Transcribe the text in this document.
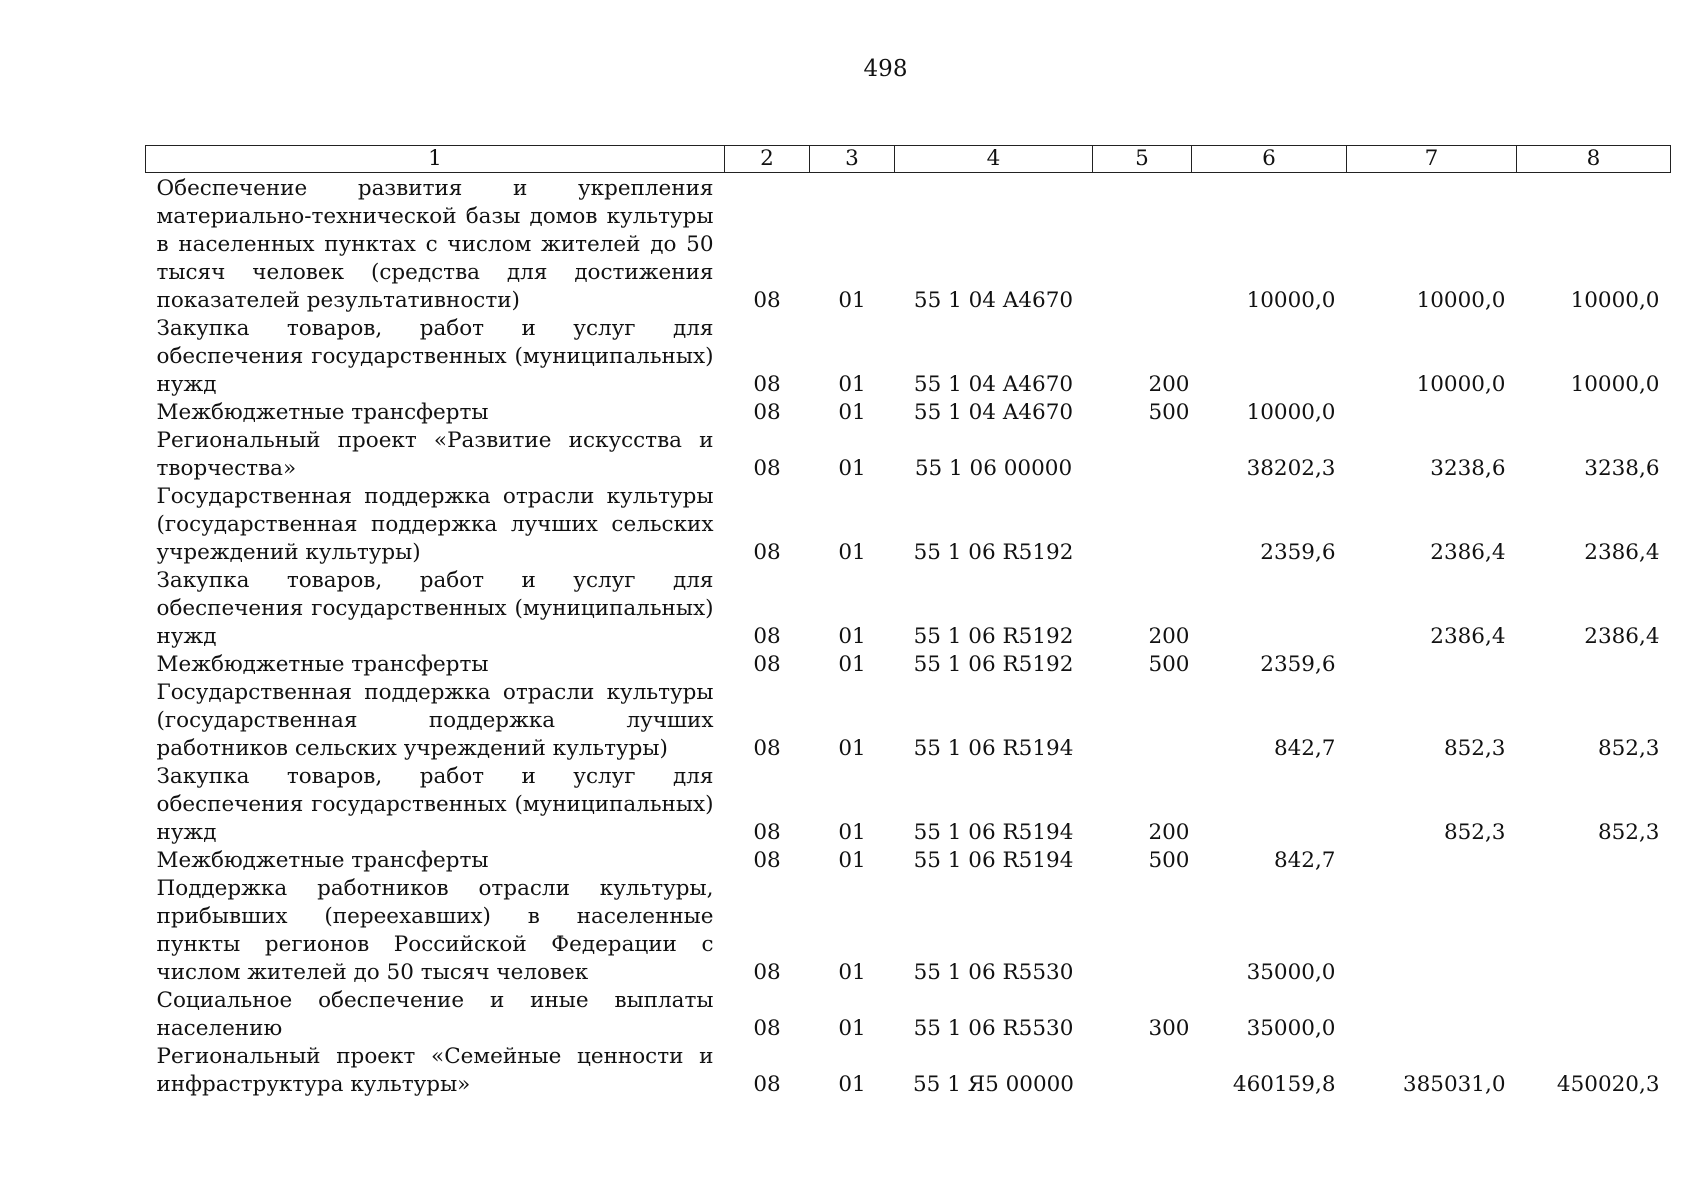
498
1	2	3	4	5	6	7	8
Обеспечение развития и укрепления материально-технической базы домов культуры в населенных пунктах с числом жителей до 50 тысяч человек (средства для достижения показателей результативности)	08	01	55 1 04 A4670		10000,0	10000,0	10000,0
Закупка товаров, работ и услуг для обеспечения государственных (муниципальных) нужд	08	01	55 1 04 A4670	200		10000,0	10000,0
Межбюджетные трансферты	08	01	55 1 04 A4670	500	10000,0		
Региональный проект «Развитие искусства и творчества»	08	01	55 1 06 00000		38202,3	3238,6	3238,6
Государственная поддержка отрасли культуры (государственная поддержка лучших сельских учреждений культуры)	08	01	55 1 06 R5192		2359,6	2386,4	2386,4
Закупка товаров, работ и услуг для обеспечения государственных (муниципальных) нужд	08	01	55 1 06 R5192	200		2386,4	2386,4
Межбюджетные трансферты	08	01	55 1 06 R5192	500	2359,6		
Государственная поддержка отрасли культуры (государственная поддержка лучших работников сельских учреждений культуры)	08	01	55 1 06 R5194		842,7	852,3	852,3
Закупка товаров, работ и услуг для обеспечения государственных (муниципальных) нужд	08	01	55 1 06 R5194	200		852,3	852,3
Межбюджетные трансферты	08	01	55 1 06 R5194	500	842,7		
Поддержка работников отрасли культуры, прибывших (переехавших) в населенные пункты регионов Российской Федерации с числом жителей до 50 тысяч человек	08	01	55 1 06 R5530		35000,0		
Социальное обеспечение и иные выплаты населению	08	01	55 1 06 R5530	300	35000,0		
Региональный проект «Семейные ценности и инфраструктура культуры»	08	01	55 1 Я5 00000		460159,8	385031,0	450020,3
